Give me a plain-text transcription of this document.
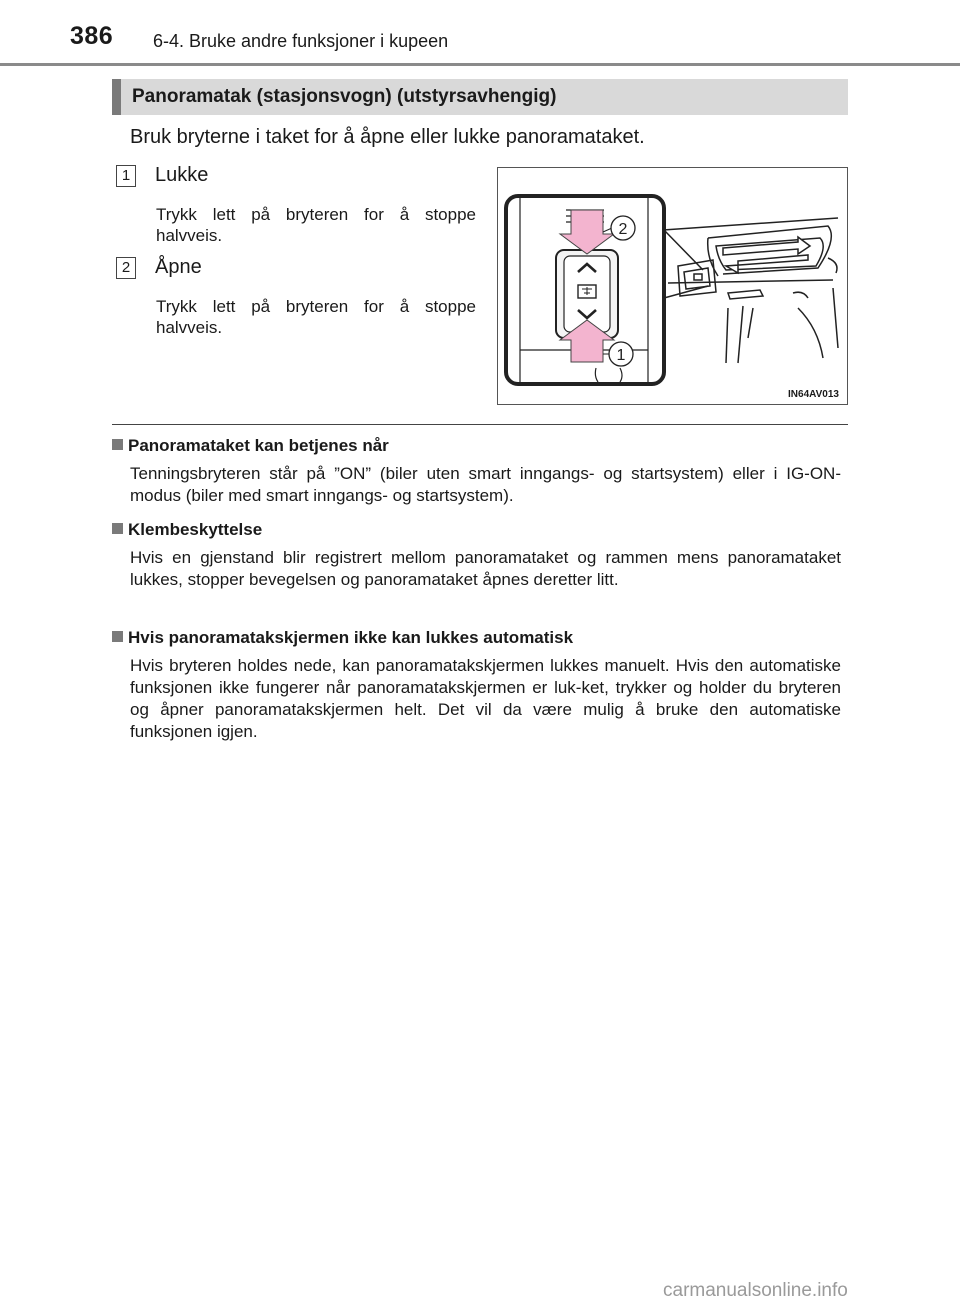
386 6-4. Bruke andre funksjoner i kupeen
Panoramatak (stasjonsvogn) (utstyrsavhengig)
Bruk bryterne i taket for å åpne eller lukke panoramataket.
1 Lukke
Trykk lett på bryteren for å stoppe halvveis.
2 Åpne
Trykk lett på bryteren for å stoppe halvveis.
2
1
IN64AV013
Panoramataket kan betjenes når
Tenningsbryteren står på ”ON” (biler uten smart inngangs- og startsystem) eller i IG-ON-modus (biler med smart inngangs- og startsystem).
Klembeskyttelse
Hvis en gjenstand blir registrert mellom panoramataket og rammen mens panoramataket lukkes, stopper bevegelsen og panoramataket åpnes deretter litt.
Hvis panoramatakskjermen ikke kan lukkes automatisk
Hvis bryteren holdes nede, kan panoramatakskjermen lukkes manuelt. Hvis den automatiske funksjonen ikke fungerer når panoramatakskjermen er luk-ket, trykker og holder du bryteren og åpner panoramatakskjermen helt. Det vil da være mulig å bruke den automatiske funksjonen igjen.
carmanualsonline.info
